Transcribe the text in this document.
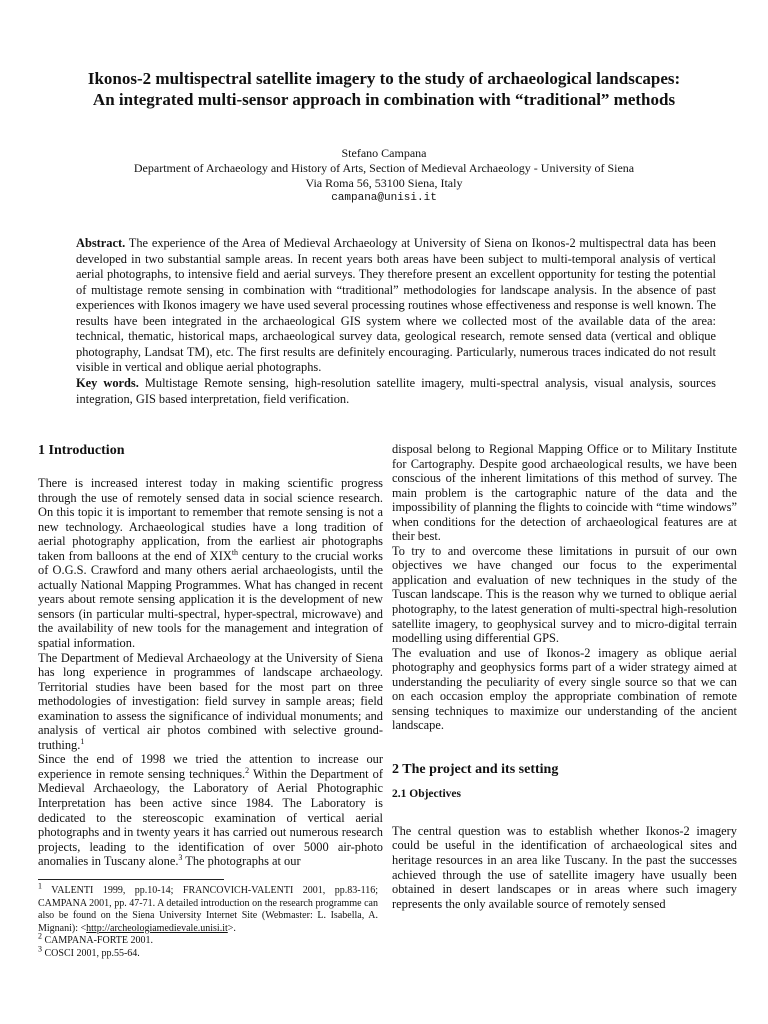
Ikonos-2 multispectral satellite imagery to the study of archaeological landscapes:
An integrated multi-sensor approach in combination with “traditional” methods
Stefano Campana
Department of Archaeology and History of Arts, Section of Medieval Archaeology - University of Siena
Via Roma 56, 53100 Siena, Italy
campana@unisi.it
Abstract. The experience of the Area of Medieval Archaeology at University of Siena on Ikonos-2 multispectral data has been developed in two substantial sample areas. In recent years both areas have been subject to multi-temporal analysis of vertical aerial photographs, to intensive field and aerial surveys. They therefore present an excellent opportunity for testing the potential of multistage remote sensing in combination with “traditional” methodologies for landscape analysis. In the absence of past experiences with Ikonos imagery we have used several processing routines whose effectiveness and response is well known. The results have been integrated in the archaeological GIS system where we collected most of the available data of the area: technical, thematic, historical maps, archaeological survey data, geological research, remote sensed data (vertical and oblique photography, Landsat TM), etc. The first results are definitely encouraging. Particularly, numerous traces indicated do not result visible in vertical and oblique aerial photographs.
Key words. Multistage Remote sensing, high-resolution satellite imagery, multi-spectral analysis, visual analysis, sources integration, GIS based interpretation, field verification.
1 Introduction

There is increased interest today in making scientific progress through the use of remotely sensed data in social science research. On this topic it is important to remember that remote sensing is not a new technology. Archaeological studies have a long tradition of aerial photography application, from the earliest air photographs taken from balloons at the end of XIXth century to the crucial works of O.G.S. Crawford and many others aerial archaeologists, until the actually National Mapping Programmes. What has changed in recent years about remote sensing application it is the development of new sensors (in particular multi-spectral, hyper-spectral, microwave) and the availability of new tools for the management and integration of spatial information.

The Department of Medieval Archaeology at the University of Siena has long experience in programmes of landscape archaeology. Territorial studies have been based for the most part on three methodologies of investigation: field survey in sample areas; field examination to assess the significance of individual monuments; and analysis of vertical air photos combined with selective ground-truthing.$^1$

Since the end of 1998 we tried the attention to increase our experience in remote sensing techniques.$^2$ Within the Department of Medieval Archaeology, the Laboratory of Aerial Photographic Interpretation has been active since 1984. The Laboratory is dedicated to the stereoscopic examination of vertical aerial photographs and in twenty years it has carried out numerous research projects, leading to the identification of over 5000 air-photo anomalies in Tuscany alone.$^3$ The photographs at our

disposal belong to Regional Mapping Office or to Military Institute for Cartography. Despite good archaeological results, we have been conscious of the inherent limitations of this method of survey. The main problem is the cartographic nature of the data and the impossibility of planning the flights to coincide with “time windows” when conditions for the detection of archaeological features are at their best.

To try to and overcome these limitations in pursuit of our own objectives we have changed our focus to the experimental application and evaluation of new techniques in the study of the Tuscan landscape. This is the reason why we turned to oblique aerial photography, to the latest generation of multi-spectral high-resolution satellite imagery, to geophysical survey and to micro-digital terrain modelling using differential GPS.

The evaluation and use of Ikonos-2 imagery as oblique aerial photography and geophysics forms part of a wider strategy aimed at understanding the peculiarity of every single source so that we can on each occasion employ the appropriate combination of remote sensing techniques to maximize our understanding of the ancient landscape.

2 The project and its setting
2.1 Objectives

The central question was to establish whether Ikonos-2 imagery could be useful in the identification of archaeological sites and heritage resources in an area like Tuscany. In the past the successes achieved through the use of satellite imagery have usually been obtained in desert landscapes or in areas where such imagery represents the only available source of remotely sensed

$^1$ VALENTI 1999, pp.10-14; FRANCOVICH-VALENTI 2001, pp.83-116; CAMPANA 2001, pp. 47-71. A detailed introduction on the research programme can also be found on the Siena University Internet Site (Webmaster: L. Isabella, A. Mignani): <http://archeologiamedievale.unisi.it>.

$^2$ CAMPANA-FORTE 2001.

$^3$ COSCI 2001, pp.55-64.
